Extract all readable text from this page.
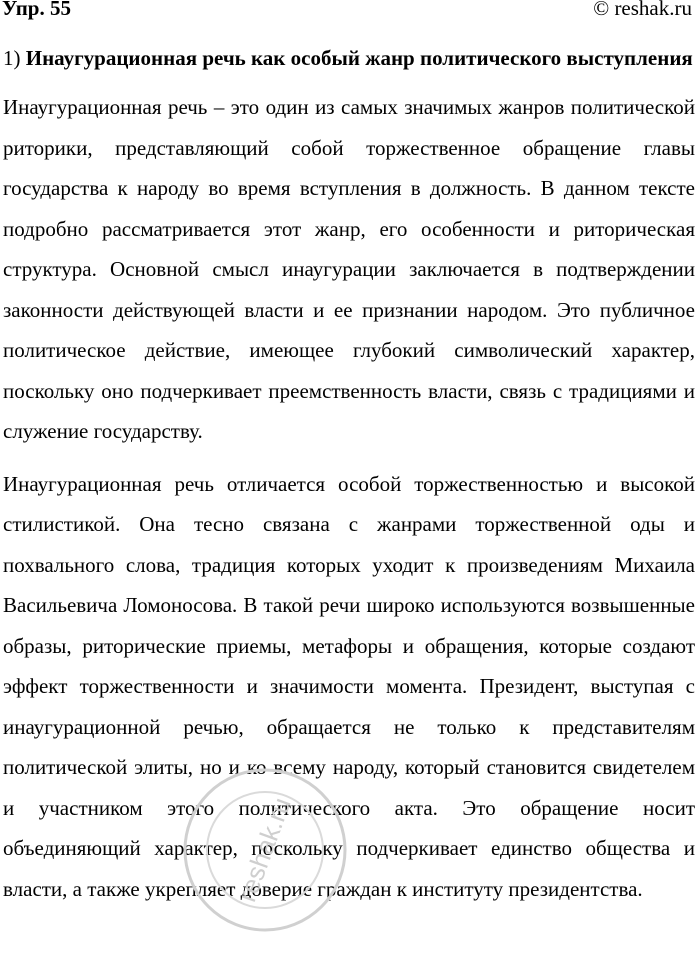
Упр. 55	© reshak.ru

1) Инаугурационная речь как особый жанр политического выступления

Инаугурационная речь – это один из самых значимых жанров политической риторики, представляющий собой торжественное обращение главы государства к народу во время вступления в должность. В данном тексте подробно рассматривается этот жанр, его особенности и риторическая структура. Основной смысл инаугурации заключается в подтверждении законности действующей власти и ее признании народом. Это публичное политическое действие, имеющее глубокий символический характер, поскольку оно подчеркивает преемственность власти, связь с традициями и служение государству.

Инаугурационная речь отличается особой торжественностью и высокой стилистикой. Она тесно связана с жанрами торжественной оды и похвального слова, традиция которых уходит к произведениям Михаила Васильевича Ломоносова. В такой речи широко используются возвышенные образы, риторические приемы, метафоры и обращения, которые создают эффект торжественности и значимости момента. Президент, выступая с инаугурационной речью, обращается не только к представителям политической элиты, но и ко всему народу, который становится свидетелем и участником этого политического акта. Это обращение носит объединяющий характер, поскольку подчеркивает единство общества и власти, а также укрепляет доверие граждан к институту президентства.

reshak.ru
